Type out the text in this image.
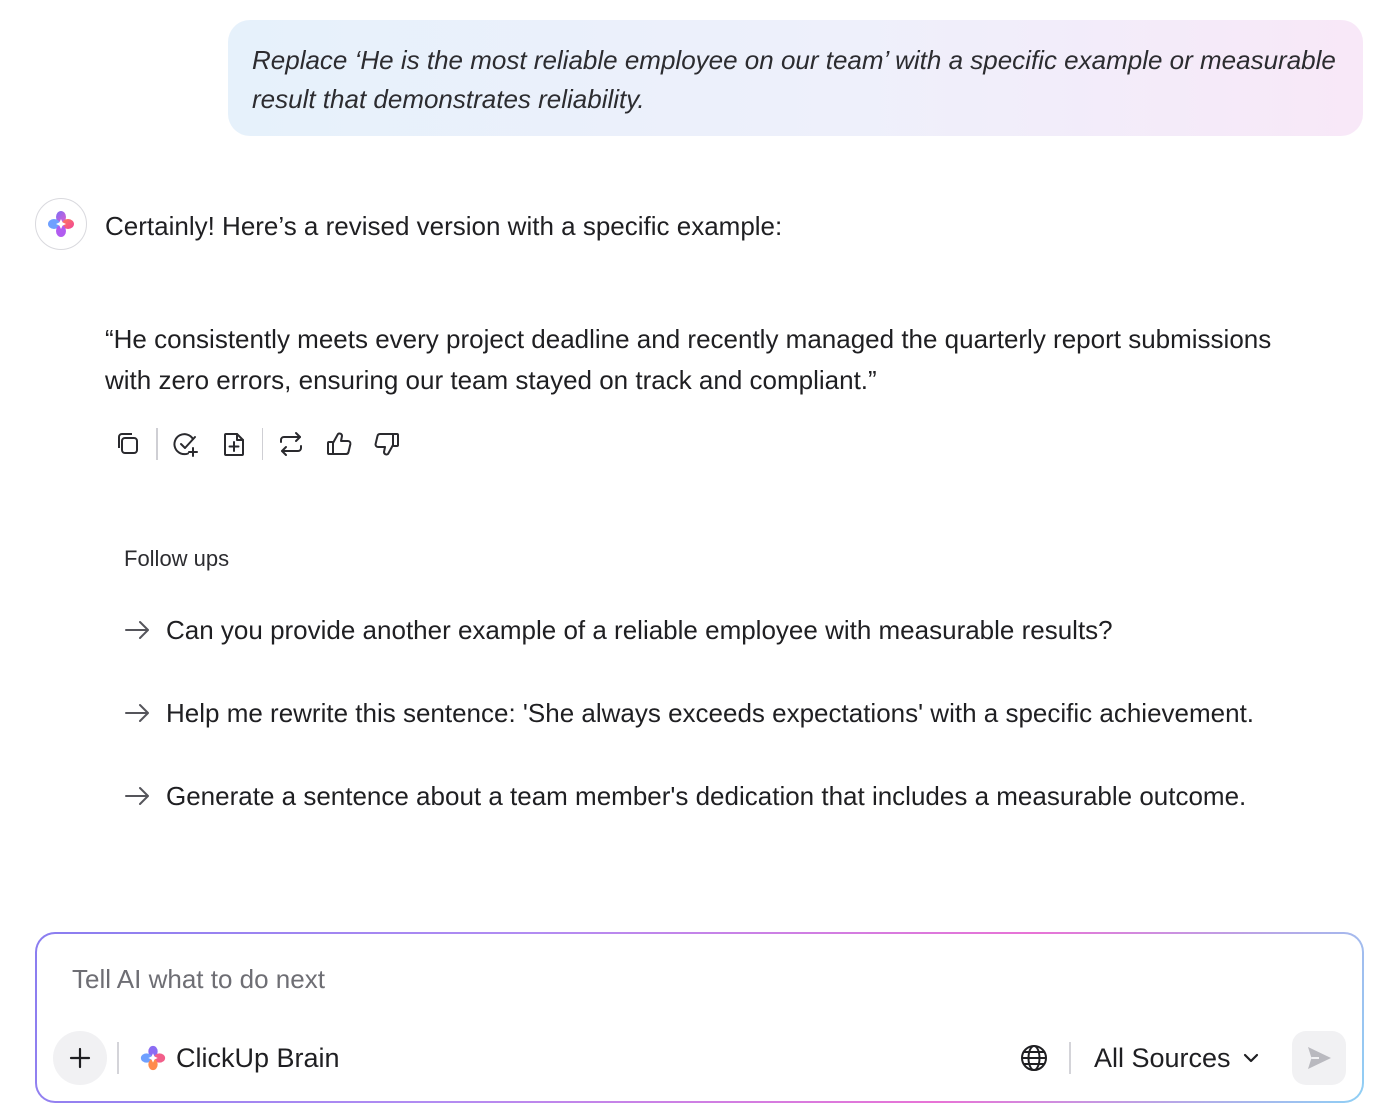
Replace ‘He is the most reliable employee on our team’ with a specific example or measurable result that demonstrates reliability.
Certainly! Here’s a revised version with a specific example:
“He consistently meets every project deadline and recently managed the quarterly report submissions with zero errors, ensuring our team stayed on track and compliant.”
Follow ups
Can you provide another example of a reliable employee with measurable results?
Help me rewrite this sentence: 'She always exceeds expectations' with a specific achievement.
Generate a sentence about a team member's dedication that includes a measurable outcome.
Tell AI what to do next
ClickUp Brain	All Sources
